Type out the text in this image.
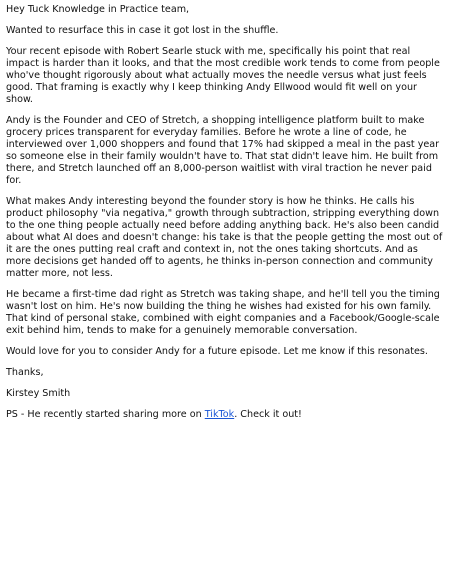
Hey Tuck Knowledge in Practice team,

Wanted to resurface this in case it got lost in the shuffle.

Your recent episode with Robert Searle stuck with me, specifically his point that real impact is harder than it looks, and that the most credible work tends to come from people who've thought rigorously about what actually moves the needle versus what just feels good. That framing is exactly why I keep thinking Andy Ellwood would fit well on your show.

Andy is the Founder and CEO of Stretch, a shopping intelligence platform built to make grocery prices transparent for everyday families. Before he wrote a line of code, he interviewed over 1,000 shoppers and found that 17% had skipped a meal in the past year so someone else in their family wouldn't have to. That stat didn't leave him. He built from there, and Stretch launched off an 8,000-person waitlist with viral traction he never paid for.

What makes Andy interesting beyond the founder story is how he thinks. He calls his product philosophy "via negativa," growth through subtraction, stripping everything down to the one thing people actually need before adding anything back. He's also been candid about what AI does and doesn't change: his take is that the people getting the most out of it are the ones putting real craft and context in, not the ones taking shortcuts. And as more decisions get handed off to agents, he thinks in-person connection and community matter more, not less.

He became a first-time dad right as Stretch was taking shape, and he'll tell you the timing wasn't lost on him. He's now building the thing he wishes had existed for his own family. That kind of personal stake, combined with eight companies and a Facebook/Google-scale exit behind him, tends to make for a genuinely memorable conversation.

Would love for you to consider Andy for a future episode. Let me know if this resonates.

Thanks,

Kirstey Smith

PS - He recently started sharing more on TikTok. Check it out!
